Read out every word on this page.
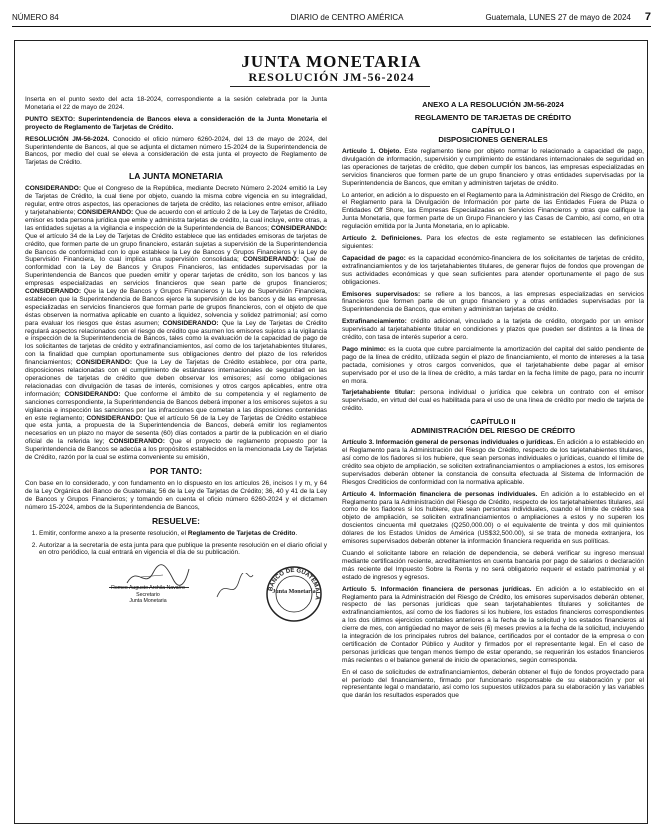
NÚMERO 84	DIARIO de CENTRO AMÉRICA	Guatemala, LUNES 27 de mayo de 2024 7
JUNTA MONETARIA
RESOLUCIÓN JM-56-2024

Inserta en el punto sexto del acta 18-2024, correspondiente a la sesión celebrada por la Junta Monetaria el 22 de mayo de 2024.

PUNTO SEXTO: Superintendencia de Bancos eleva a consideración de la Junta Monetaria el proyecto de Reglamento de Tarjetas de Crédito.

RESOLUCIÓN JM-56-2024. Conocido el oficio número 6260-2024, del 13 de mayo de 2024, del Superintendente de Bancos, al que se adjunta el dictamen número 15-2024 de la Superintendencia de Bancos, por medio del cual se eleva a consideración de esta junta el proyecto de Reglamento de Tarjetas de Crédito.

LA JUNTA MONETARIA

CONSIDERANDO: Que el Congreso de la República, mediante Decreto Número 2-2024 emitió la Ley de Tarjetas de Crédito, la cual tiene por objeto, cuando la misma cobre vigencia en su integralidad, regular, entre otros aspectos, las operaciones de tarjeta de crédito, las relaciones entre emisor, afiliado y tarjetahabiente; CONSIDERANDO: Que de acuerdo con el artículo 2 de la Ley de Tarjetas de Crédito, emisor es toda persona jurídica que emite y administra tarjetas de crédito, la cual incluye, entre otras, a las entidades sujetas a la vigilancia e inspección de la Superintendencia de Bancos; CONSIDERANDO: Que el artículo 34 de la Ley de Tarjetas de Crédito establece que las entidades emisoras de tarjetas de crédito, que formen parte de un grupo financiero, estarán sujetas a supervisión de la Superintendencia de Bancos de conformidad con lo que establece la Ley de Bancos y Grupos Financieros y la Ley de Supervisión Financiera, lo cual implica una supervisión consolidada; CONSIDERANDO: Que de conformidad con la Ley de Bancos y Grupos Financieros, las entidades supervisadas por la Superintendencia de Bancos que pueden emitir y operar tarjetas de crédito, son los bancos y las empresas especializadas en servicios financieros que sean parte de grupos financieros; CONSIDERANDO: Que la Ley de Bancos y Grupos Financieros y la Ley de Supervisión Financiera, establecen que la Superintendencia de Bancos ejerce la supervisión de los bancos y de las empresas especializadas en servicios financieros que forman parte de grupos financieros, con el objeto de que éstas observen la normativa aplicable en cuanto a liquidez, solvencia y solidez patrimonial; así como para evaluar los riesgos que éstas asumen; CONSIDERANDO: Que la Ley de Tarjetas de Crédito regulará aspectos relacionados con el riesgo de crédito que asumen los emisores sujetos a la vigilancia e inspección de la Superintendencia de Bancos, tales como la evaluación de la capacidad de pago de los solicitantes de tarjetas de crédito y extrafinanciamientos, así como de los tarjetahabientes titulares, con la finalidad que cumplan oportunamente sus obligaciones dentro del plazo de los referidos financiamientos; CONSIDERANDO: Que la Ley de Tarjetas de Crédito establece, por otra parte, disposiciones relacionadas con el cumplimiento de estándares internacionales de seguridad en las operaciones de tarjetas de crédito que deben observar los emisores; así como obligaciones relacionadas con divulgación de tasas de interés, comisiones y otros cargos aplicables, entre otra información; CONSIDERANDO: Que conforme el ámbito de su competencia y el reglamento de sanciones correspondiente, la Superintendencia de Bancos deberá imponer a los emisores sujetos a su vigilancia e inspección las sanciones por las infracciones que cometan a las disposiciones contenidas en este reglamento; CONSIDERANDO: Que el artículo 56 de la Ley de Tarjetas de Crédito establece que esta junta, a propuesta de la Superintendencia de Bancos, deberá emitir los reglamentos necesarios en un plazo no mayor de sesenta (60) días contados a partir de la publicación en el diario oficial de la referida ley; CONSIDERANDO: Que el proyecto de reglamento propuesto por la Superintendencia de Bancos se adecúa a los propósitos establecidos en la mencionada Ley de Tarjetas de Crédito, razón por la cual se estima conveniente su emisión,

POR TANTO:

Con base en lo considerado, y con fundamento en lo dispuesto en los artículos 26, incisos l y m, y 64 de la Ley Orgánica del Banco de Guatemala; 56 de la Ley de Tarjetas de Crédito; 36, 40 y 41 de la Ley de Bancos y Grupos Financieros; y tomando en cuenta el oficio número 6260-2024 y el dictamen número 15-2024, ambos de la Superintendencia de Bancos,

RESUELVE:
1. Emitir, conforme anexo a la presente resolución, el Reglamento de Tarjetas de Crédito.
2. Autorizar a la secretaría de esta junta para que publique la presente resolución en el diario oficial y en otro periódico, la cual entrará en vigencia el día de su publicación.
Romeo Augusto Archila Navarro
Secretario
Junta Monetaria
BANCO DE GUATEMALA
Junta Monetaria
ANEXO A LA RESOLUCIÓN JM-56-2024
REGLAMENTO DE TARJETAS DE CRÉDITO
CAPÍTULO I
DISPOSICIONES GENERALES

Artículo 1. Objeto. Este reglamento tiene por objeto normar lo relacionado a capacidad de pago, divulgación de información, supervisión y cumplimiento de estándares internacionales de seguridad en las operaciones de tarjetas de crédito, que deben cumplir los bancos, las empresas especializadas en servicios financieros que formen parte de un grupo financiero y otras entidades supervisadas por la Superintendencia de Bancos, que emitan y administren tarjetas de crédito.

Lo anterior, en adición a lo dispuesto en el Reglamento para la Administración del Riesgo de Crédito, en el Reglamento para la Divulgación de Información por parte de las Entidades Fuera de Plaza o Entidades Off Shore, las Empresas Especializadas en Servicios Financieros y otras que califique la Junta Monetaria, que formen parte de un Grupo Financiero y las Casas de Cambio, así como, en otra regulación emitida por la Junta Monetaria, en lo aplicable.

Artículo 2. Definiciones. Para los efectos de este reglamento se establecen las definiciones siguientes:

Capacidad de pago: es la capacidad económico-financiera de los solicitantes de tarjetas de crédito, extrafinanciamientos y de los tarjetahabientes titulares, de generar flujos de fondos que provengan de sus actividades económicas y que sean suficientes para atender oportunamente el pago de sus obligaciones.

Emisores supervisados: se refiere a los bancos, a las empresas especializadas en servicios financieros que formen parte de un grupo financiero y a otras entidades supervisadas por la Superintendencia de Bancos, que emiten y administran tarjetas de crédito.

Extrafinanciamiento: crédito adicional, vinculado a la tarjeta de crédito, otorgado por un emisor supervisado al tarjetahabiente titular en condiciones y plazos que pueden ser distintos a la línea de crédito, con tasa de interés superior a cero.

Pago mínimo: es la cuota que cubre parcialmente la amortización del capital del saldo pendiente de pago de la línea de crédito, utilizada según el plazo de financiamiento, el monto de intereses a la tasa pactada, comisiones y otros cargos convenidos, que el tarjetahabiente debe pagar al emisor supervisado por el uso de la línea de crédito, a más tardar en la fecha límite de pago, para no incurrir en mora.

Tarjetahabiente titular: persona individual o jurídica que celebra un contrato con el emisor supervisado, en virtud del cual es habilitada para el uso de una línea de crédito por medio de tarjeta de crédito.

CAPÍTULO II
ADMINISTRACIÓN DEL RIESGO DE CRÉDITO

Artículo 3. Información general de personas individuales o jurídicas. En adición a lo establecido en el Reglamento para la Administración del Riesgo de Crédito, respecto de los tarjetahabientes titulares, así como de los fiadores si los hubiere, que sean personas individuales o jurídicas, cuando el límite de crédito sea objeto de ampliación, se soliciten extrafinanciamientos o ampliaciones a estos, los emisores supervisados deberán obtener la constancia de consulta efectuada al Sistema de Información de Riesgos Crediticios de conformidad con la normativa aplicable.

Artículo 4. Información financiera de personas individuales. En adición a lo establecido en el Reglamento para la Administración del Riesgo de Crédito, respecto de los tarjetahabientes titulares, así como de los fiadores si los hubiere, que sean personas individuales, cuando el límite de crédito sea objeto de ampliación, se soliciten extrafinanciamientos o ampliaciones a estos y no superen los doscientos cincuenta mil quetzales (Q250,000.00) o el equivalente de treinta y dos mil quinientos dólares de los Estados Unidos de América (US$32,500.00), si se trata de moneda extranjera, los emisores supervisados deberán obtener la información financiera requerida en sus políticas.

Cuando el solicitante labore en relación de dependencia, se deberá verificar su ingreso mensual mediante certificación reciente, acreditamientos en cuenta bancaria por pago de salarios o declaración más reciente del Impuesto Sobre la Renta y no será obligatorio requerir el estado patrimonial y el estado de ingresos y egresos.

Artículo 5. Información financiera de personas jurídicas. En adición a lo establecido en el Reglamento para la Administración del Riesgo de Crédito, los emisores supervisados deberán obtener, respecto de las personas jurídicas que sean tarjetahabientes titulares y solicitantes de extrafinanciamientos, así como de los fiadores si los hubiere, los estados financieros correspondientes a los dos últimos ejercicios contables anteriores a la fecha de la solicitud y los estados financieros al cierre de mes, con antigüedad no mayor de seis (6) meses previos a la fecha de la solicitud, incluyendo la integración de los principales rubros del balance, certificados por el contador de la empresa o con certificación de Contador Público y Auditor y firmados por el representante legal. En el caso de personas jurídicas que tengan menos tiempo de estar operando, se requerirán los estados financieros más recientes o el balance general de inicio de operaciones, según corresponda.

En el caso de solicitudes de extrafinanciamientos, deberán obtener el flujo de fondos proyectado para el período del financiamiento, firmado por funcionario responsable de su elaboración y por el representante legal o mandatario, así como los supuestos utilizados para su elaboración y las variables que darán los resultados esperados que
